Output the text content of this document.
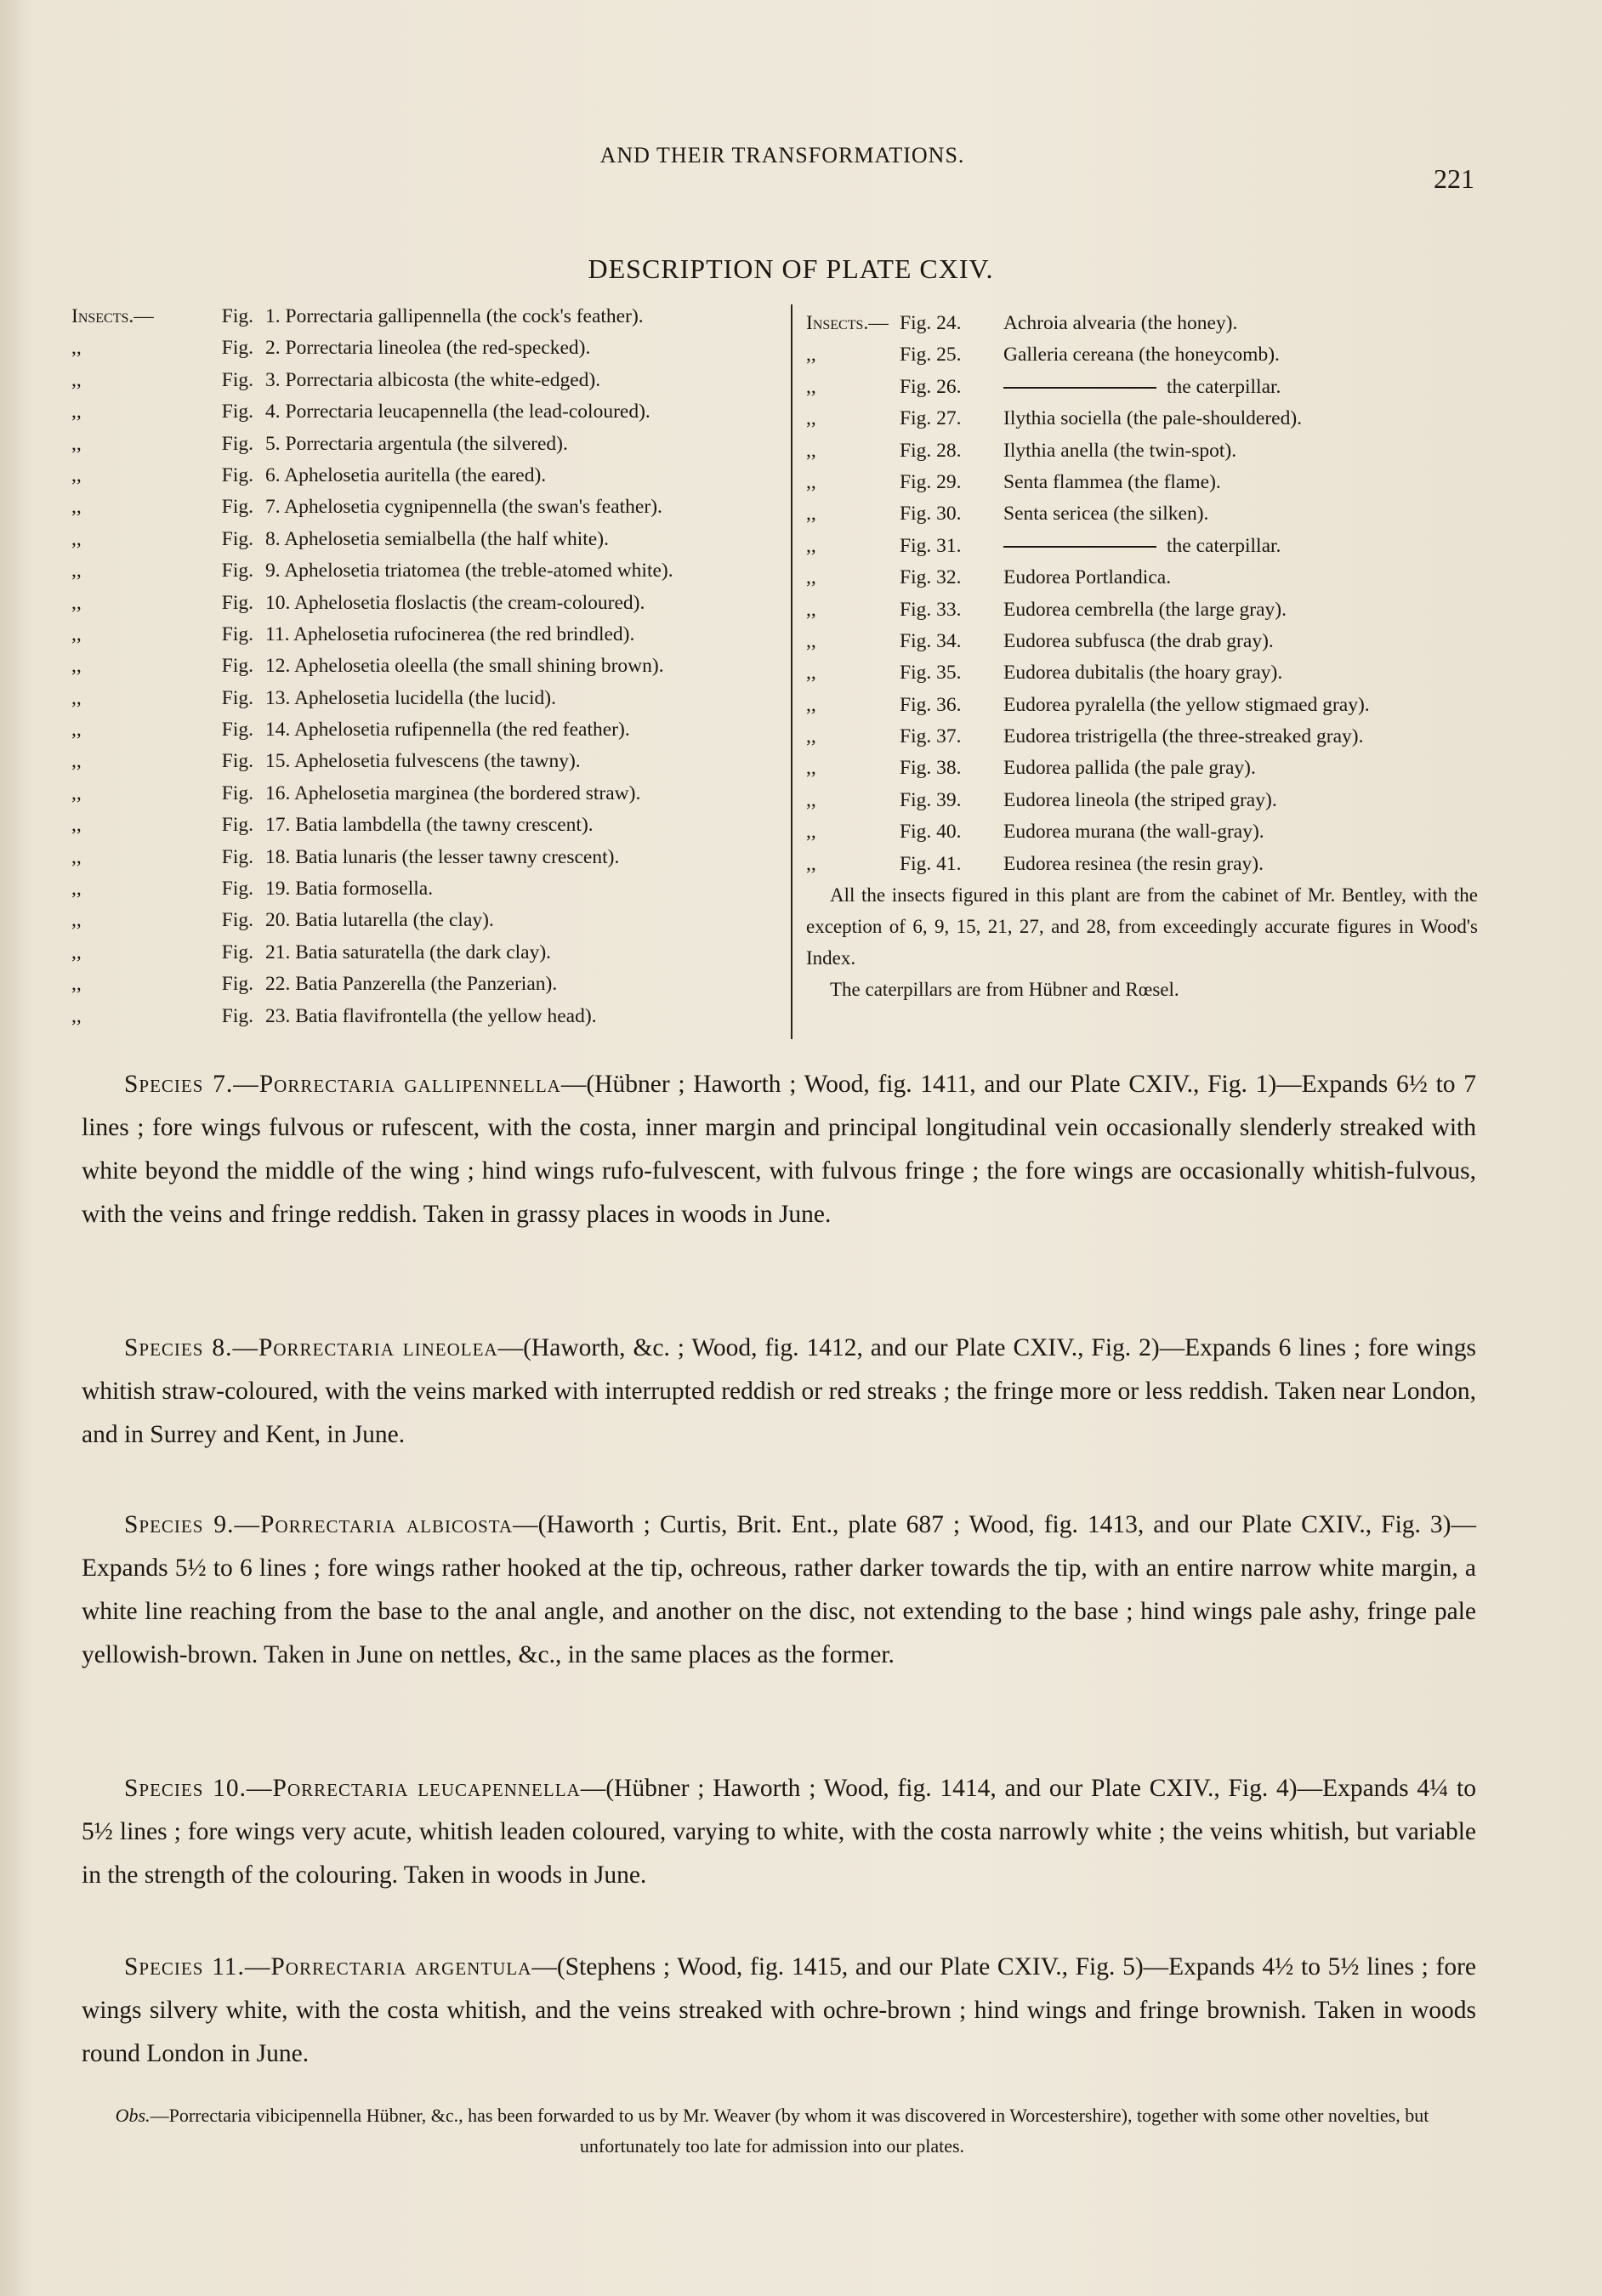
AND THEIR TRANSFORMATIONS.
221
DESCRIPTION OF PLATE CXIV.
Insects.—	Fig. 1. Porrectaria gallipennella (the cock's feather).
,,	Fig. 2. Porrectaria lineolea (the red-specked).
,,	Fig. 3. Porrectaria albicosta (the white-edged).
,,	Fig. 4. Porrectaria leucapennella (the lead-coloured).
,,	Fig. 5. Porrectaria argentula (the silvered).
,,	Fig. 6. Aphelosetia auritella (the eared).
,,	Fig. 7. Aphelosetia cygnipennella (the swan's feather).
,,	Fig. 8. Aphelosetia semialbella (the half white).
,,	Fig. 9. Aphelosetia triatomea (the treble-atomed white).
,,	Fig. 10. Aphelosetia floslactis (the cream-coloured).
,,	Fig. 11. Aphelosetia rufocinerea (the red brindled).
,,	Fig. 12. Aphelosetia oleella (the small shining brown).
,,	Fig. 13. Aphelosetia lucidella (the lucid).
,,	Fig. 14. Aphelosetia rufipennella (the red feather).
,,	Fig. 15. Aphelosetia fulvescens (the tawny).
,,	Fig. 16. Aphelosetia marginea (the bordered straw).
,,	Fig. 17. Batia lambdella (the tawny crescent).
,,	Fig. 18. Batia lunaris (the lesser tawny crescent).
,,	Fig. 19. Batia formosella.
,,	Fig. 20. Batia lutarella (the clay).
,,	Fig. 21. Batia saturatella (the dark clay).
,,	Fig. 22. Batia Panzerella (the Panzerian).
,,	Fig. 23. Batia flavifrontella (the yellow head).
Insects.— Fig. 24. Achroia alvearia (the honey).
,,	Fig. 25. Galleria cereana (the honeycomb).
,,	Fig. 26.	the caterpillar.
,,	Fig. 27. Ilythia sociella (the pale-shouldered).
,,	Fig. 28. Ilythia anella (the twin-spot).
,,	Fig. 29. Senta flammea (the flame).
,,	Fig. 30. Senta sericea (the silken).
,,	Fig. 31.	the caterpillar.
,,	Fig. 32. Eudorea Portlandica.
,,	Fig. 33. Eudorea cembrella (the large gray).
,,	Fig. 34. Eudorea subfusca (the drab gray).
,,	Fig. 35. Eudorea dubitalis (the hoary gray).
,,	Fig. 36. Eudorea pyralella (the yellow stigmaed gray).
,,	Fig. 37. Eudorea tristrigella (the three-streaked gray).
,,	Fig. 38. Eudorea pallida (the pale gray).
,,	Fig. 39. Eudorea lineola (the striped gray).
,,	Fig. 40. Eudorea murana (the wall-gray).
,,	Fig. 41. Eudorea resinea (the resin gray).

All the insects figured in this plant are from the cabinet of Mr. Bentley, with the exception of 6, 9, 15, 21, 27, and 28, from exceedingly accurate figures in Wood's Index.

The caterpillars are from Hübner and Rœsel.

Species 7.—Porrectaria gallipennella—(Hübner ; Haworth ; Wood, fig. 1411, and our Plate CXIV., Fig. 1)—Expands 6½ to 7 lines ; fore wings fulvous or rufescent, with the costa, inner margin and principal longitudinal vein occasionally slenderly streaked with white beyond the middle of the wing ; hind wings rufo-fulvescent, with fulvous fringe ; the fore wings are occasionally whitish-fulvous, with the veins and fringe reddish. Taken in grassy places in woods in June.

Species 8.—Porrectaria lineolea—(Haworth, &c. ; Wood, fig. 1412, and our Plate CXIV., Fig. 2)—Expands 6 lines ; fore wings whitish straw-coloured, with the veins marked with interrupted reddish or red streaks ; the fringe more or less reddish. Taken near London, and in Surrey and Kent, in June.

Species 9.—Porrectaria albicosta—(Haworth ; Curtis, Brit. Ent., plate 687 ; Wood, fig. 1413, and our Plate CXIV., Fig. 3)—Expands 5½ to 6 lines ; fore wings rather hooked at the tip, ochreous, rather darker towards the tip, with an entire narrow white margin, a white line reaching from the base to the anal angle, and another on the disc, not extending to the base ; hind wings pale ashy, fringe pale yellowish-brown. Taken in June on nettles, &c., in the same places as the former.

Species 10.—Porrectaria leucapennella—(Hübner ; Haworth ; Wood, fig. 1414, and our Plate CXIV., Fig. 4)—Expands 4¼ to 5½ lines ; fore wings very acute, whitish leaden coloured, varying to white, with the costa narrowly white ; the veins whitish, but variable in the strength of the colouring. Taken in woods in June.

Species 11.—Porrectaria argentula—(Stephens ; Wood, fig. 1415, and our Plate CXIV., Fig. 5)—Expands 4½ to 5½ lines ; fore wings silvery white, with the costa whitish, and the veins streaked with ochre-brown ; hind wings and fringe brownish. Taken in woods round London in June.

Obs.—Porrectaria vibicipennella Hübner, &c., has been forwarded to us by Mr. Weaver (by whom it was discovered in Worcestershire), together with some other novelties, but unfortunately too late for admission into our plates.
